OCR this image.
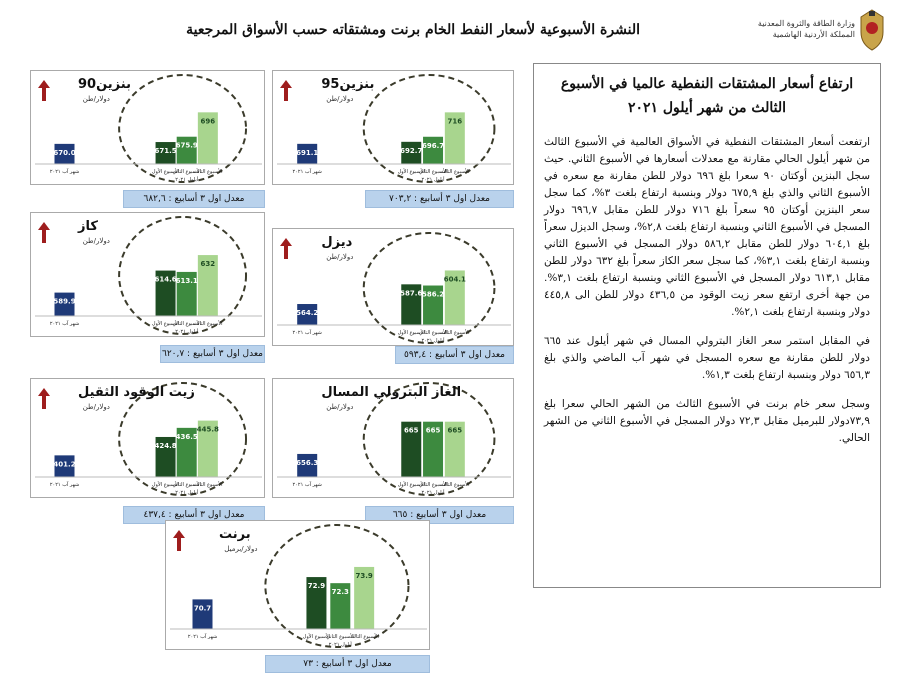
وزارة الطاقة والثروة المعدنية
المملكة الأردنية الهاشمية
النشرة الأسبوعية لأسعار النفط الخام برنت ومشتقاته حسب الأسواق المرجعية
ارتفاع أسعار المشتقات النفطية عالميا في الأسبوع الثالث من شهر أيلول ٢٠٢١

ارتفعت أسعار المشتقات النفطية في الأسواق العالمية في الأسبوع الثالث من شهر أيلول الحالي مقارنة مع معدلات أسعارها في الأسبوع الثاني. حيث سجل البنزين أوكتان ٩٠ سعرا بلغ ٦٩٦ دولار للطن مقارنة مع سعره في الأسبوع الثاني والذي بلغ ٦٧٥,٩ دولار وبنسبة ارتفاع بلغت ٣%، كما سجل سعر البنزين أوكتان ٩٥ سعراً بلغ ٧١٦ دولار للطن مقابل ٦٩٦,٧ دولار المسجل في الأسبوع الثاني وبنسبة ارتفاع بلغت ٢,٨%، وسجل الديزل سعراً بلغ ٦٠٤,١ دولار للطن مقابل ٥٨٦,٢ دولار المسجل في الأسبوع الثاني وبنسبة ارتفاع بلغت ٣,١%، كما سجل سعر الكاز سعراً بلغ ٦٣٢ دولار للطن مقابل ٦١٣,١ دولار المسجل في الأسبوع الثاني وبنسبة ارتفاع بلغت ٣,١%. من جهة أخرى ارتفع سعر زيت الوقود من ٤٣٦,٥ دولار للطن الى ٤٤٥,٨ دولار وبنسبة ارتفاع بلغت ٢,١%.

في المقابل استمر سعر الغاز البترولي المسال في شهر أيلول عند ٦٦٥ دولار للطن مقارنة مع سعره المسجل في شهر آب الماضي والذي بلغ ٦٥٦,٣ دولار وبنسبة ارتفاع بلغت ١,٣%.

وسجل سعر خام برنت في الأسبوع الثالث من الشهر الحالي سعرا بلغ ٧٣,٩دولار للبرميل مقابل ٧٢,٣ دولار المسجل في الأسبوع الثاني من الشهر الحالي.

670.0
شهر آب ٢٠٢١
671.5
الأسبوع الأول
675.9
الأسبوع الثاني
696
الأسبوع الثالث
أيلول ٢٠٢١
بنزين90
دولار/طن
معدل اول ٣ أسابيع : ٦٨٢,٦
691.1
شهر آب ٢٠٢١
692.7
الأسبوع الأول
696.7
الأسبوع الثاني
716
الأسبوع الثالث
أيلول ٢٠٢١
بنزين95
دولار/طن
معدل اول ٣ أسابيع : ٧٠٣,٢
589.9
شهر آب ٢٠٢١
614.6
الأسبوع الأول
613.1
الأسبوع الثاني
632
الأسبوع الثالث
أيلول ٢٠٢١
كاز
دولار/طن
معدل اول ٣ أسابيع : ٦٢٠,٧
564.2
شهر آب ٢٠٢١
587.6
الأسبوع الأول
586.2
الأسبوع الثاني
604.1
الأسبوع الثالث
أيلول ٢٠٢١
ديزل
دولار/طن
معدل اول ٣ أسابيع : ٥٩٣,٤
401.2
شهر آب ٢٠٢١
424.8
الأسبوع الأول
436.5
الأسبوع الثاني
445.8
الأسبوع الثالث
أيلول ٢٠٢١
زيت الوقود الثقيل
دولار/طن
معدل اول ٣ أسابيع : ٤٣٧,٤
656.3
شهر آب ٢٠٢١
665
الأسبوع الأول
665
الأسبوع الثاني
665
الأسبوع الثالث
أيلول ٢٠٢١
الغاز البترولي المسال
دولار/طن
معدل اول ٣ أسابيع : ٦٦٥
70.7
شهر آب ٢٠٢١
72.9
الأسبوع الأول
72.3
الأسبوع الثاني
73.9
الأسبوع الثالث
أيلول ٢٠٢١
برنت
دولار/برميل
معدل اول ٣ أسابيع : ٧٣
